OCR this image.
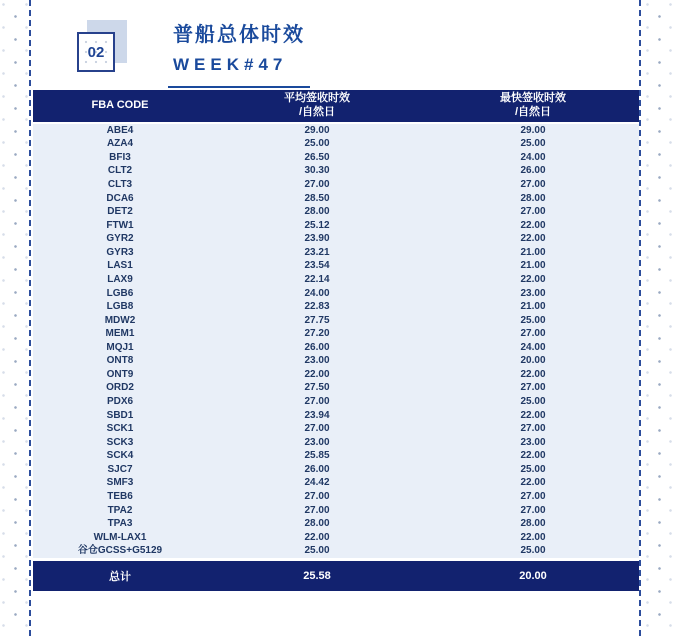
02
普船总体时效
WEEK#47
FBA CODE
平均签收时效
/自然日
最快签收时效
/自然日
ABE4	29.00	29.00
AZA4	25.00	25.00
BFI3	26.50	24.00
CLT2	30.30	26.00
CLT3	27.00	27.00
DCA6	28.50	28.00
DET2	28.00	27.00
FTW1	25.12	22.00
GYR2	23.90	22.00
GYR3	23.21	21.00
LAS1	23.54	21.00
LAX9	22.14	22.00
LGB6	24.00	23.00
LGB8	22.83	21.00
MDW2	27.75	25.00
MEM1	27.20	27.00
MQJ1	26.00	24.00
ONT8	23.00	20.00
ONT9	22.00	22.00
ORD2	27.50	27.00
PDX6	27.00	25.00
SBD1	23.94	22.00
SCK1	27.00	27.00
SCK3	23.00	23.00
SCK4	25.85	22.00
SJC7	26.00	25.00
SMF3	24.42	22.00
TEB6	27.00	27.00
TPA2	27.00	27.00
TPA3	28.00	28.00
WLM-LAX1	22.00	22.00
谷仓GCSS+G5129	25.00	25.00
总计	25.58	20.00
